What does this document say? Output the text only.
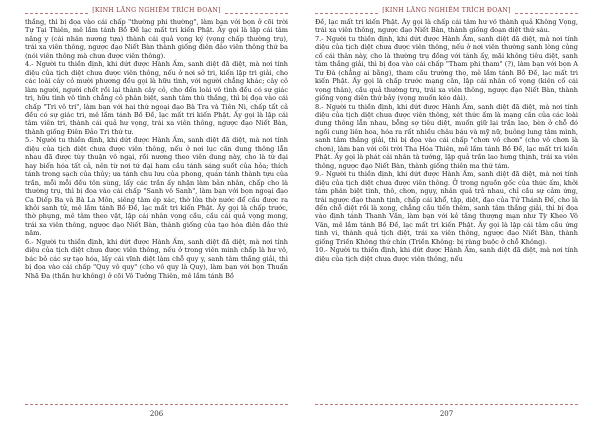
[KINH LĂNG NGHIÊM TRÍCH ĐOẠN]

thắng, thì bị đọa vào cái chấp "thường phi thường", làm bạn với bọn ở cõi trời Tự Tại Thiên, mê lầm tánh Bồ Đề lạc mất tri kiến Phật. Ấy gọi là lập cái tâm năng y (cái nhân nương tựa) thành cái quả vọng ký (vọng chấp thường trụ), trái xa viên thông, ngược đạo Niết Bàn thành giống điên đảo viên thông thứ ba (nói viên thông mà chưa được viên thông).
4.- Người tu thiền định, khi dứt được Hành Ấm, sanh diệt đã diệt, mà nơi tính diệu của tịch diệt chưa được viên thông, nếu ở nơi sở tri, kiến lập tri giải, cho các loài cây cỏ mười phương đều gọi là hữu tình, với người chẳng khác; cây cỏ làm người, người chết rồi lại thành cây cỏ, cho đến loài vô tình đều có sự giác tri, hữu tình vô tình chẳng cỏ phân biệt, sanh tâm thù thắng, thì bị đọa vào cái chấp "Tri vô tri", làm bạn với hai thứ ngoại đạo Bà Tra và Tiên Ni, chấp tất cả đều có sự giác tri, mê lầm tánh Bồ Đề, lạc mất tri kiến Phật. Ấy gọi là lập cái tâm viên tri, thành cái quả hư vọng, trái xa viên thông, ngược đạo Niết Bàn, thành giống Điên Đảo Tri thứ tư.
5.- Người tu thiền định, khi dứt được Hành Ấm, sanh diệt đã diệt, mà nơi tính diệu của tịch diệt chưa được viên thông, nếu ở nơi lục căn dung thông lẫn nhau đã được tùy thuận vô ngại, rồi nương theo viên dung này, cho là từ đại hay biến hóa tất cả, nên từ nơi tứ đại ham cầu tánh sáng suốt của hỏa; thích tánh trong sạch của thủy; ưa tánh chu lưu của phong, quán tánh thành tựu của trần, mỗi mỗi đều tôn sùng, lấy các trần ấy nhận làm bản nhân, chấp cho là thường trụ, thì bị đọa vào cái chấp "Sanh vô Sanh", làm bạn với bọn ngoại đạo Ca Diếp Ba và Bà La Môn, siêng tâm ép xác, thờ lửa thờ nước để cầu được ra khỏi sanh tử, mê lầm tánh Bồ Đề, lạc mất tri kiến Phật. Ấy gọi là chấp trước, thờ phụng, mê tâm theo vật, lập cái nhân vọng cầu, cầu cái quả vọng mong, trái xa viên thông, ngược đạo Niết Bàn, thành giống của tạo hóa điên đảo thứ năm.
6.- Người tu thiền định, khi dứt được Hành Ấm, sanh diệt đã diệt, mà nơi tính diệu của tịch diệt chưa được viên thông, nếu ở trong viên minh chấp là hư vô, bác bỏ các sự tạo hóa, lấy cái vĩnh diệt làm chỗ quy y, sanh tâm thắng giải, thì bị đọa vào cái chấp "Quy vô quy" (cho vô quy là Quy), làm bạn với bọn Thuấn Nhã Đa (thần hư không) ở cõi Vô Tưởng Thiên, mê lầm tánh Bồ

206
[KINH LĂNG NGHIÊM TRÍCH ĐOẠN]

Đề, lạc mất tri kiến Phật. Ấy gọi là chấp cái tâm hư vô thành quả Không Vọng, trái xa viên thông, ngược đạo Niết Bàn, thành giống đoạn diệt thứ sáu.
7.- Người tu thiền định, khi dứt được Hành Ấm, sanh diệt đã diệt, mà nơi tính diệu của tịch diệt chưa được viên thông, nếu ở nơi viên thường sanh lòng củng cố cái thân này, cho là thường trụ đồng với tánh ấy, mãi không tiêu diệt, sanh tâm thắng giải, thì bị đọa vào cái chấp "Tham phi tham" (?), làm bạn với bọn A Tư Đà (chẳng ai bằng), tham cầu trường thọ, mê lầm tánh Bồ Đề, lạc mất tri kiến Phật. Ấy gọi là chấp trước mạng căn, lập cái nhân cố vọng (kiên cố cái vọng thân), cầu quả thường trụ, trái xa viên thông, ngược đạo Niết Bàn, thành giống vọng diên thứ bảy (vọng muốn kéo dài).
8.- Người tu thiền định, khi dứt được Hành Ấm, sanh diệt đã diệt, mà nơi tính diệu của tịch diệt chưa được viên thông, xét thức ấm là mạng căn của các loài dung thông lẫn nhau, bỗng sợ tiêu diệt, muốn giữ lại trần lao, bèn ở chỗ đó ngồi cung liên hoa, hóa ra rất nhiều châu báu và mỹ nữ, buông lung tâm mình, sanh tâm thắng giải, thì bị đọa vào cái chấp "chơn vô chơn" (cho vô chơn là chơn), làm bạn với cõi trời Tha Hóa Thiên, mê lầm tánh Bồ Đề, lạc mất tri kiến Phật. Ấy gọi là phát cái nhân tà tướng, lập quả trần lao hưng thịnh, trái xa viên thông, ngược đạo Niết Bàn, thành giống thiên ma thứ tám.
9.- Người tu thiền định, khi dứt được Hành Ấm, sanh diệt đã diệt, mà nơi tính diệu của tịch diệt chưa được viên thông. Ở trong nguồn gốc của thức ấm, khởi tâm phân biệt tinh, thô, chơn, ngụy, nhân quả trả nhau, chỉ cầu sự cảm ứng, trái ngược đạo thanh tịnh, chấp cái khổ, tập, diệt, đạo của Tứ Thánh Đế, cho là đến chỗ diệt rồi là xong, chẳng cầu tiến thêm, sanh tâm thắng giải, thì bị đọa vào định tánh Thanh Văn, làm bạn với kẻ tăng thượng mạn như Tỳ Kheo Vô Văn, mê lầm tánh Bồ Đề, lạc mất tri kiến Phật. Ấy gọi là lập cái tâm cầu ứng tinh vi, thành quả tịch diệt, trái xa viên thông, ngược đạo Niết Bàn, thành giống Triền Không thứ chín (Triền Không: bị ràng buộc ở chỗ Không).
10.- Người tu thiền định, khi dứt được Hành Ấm, sanh diệt đã diệt, mà nơi tính diệu của tịch diệt chưa được viên thông, nếu

207
